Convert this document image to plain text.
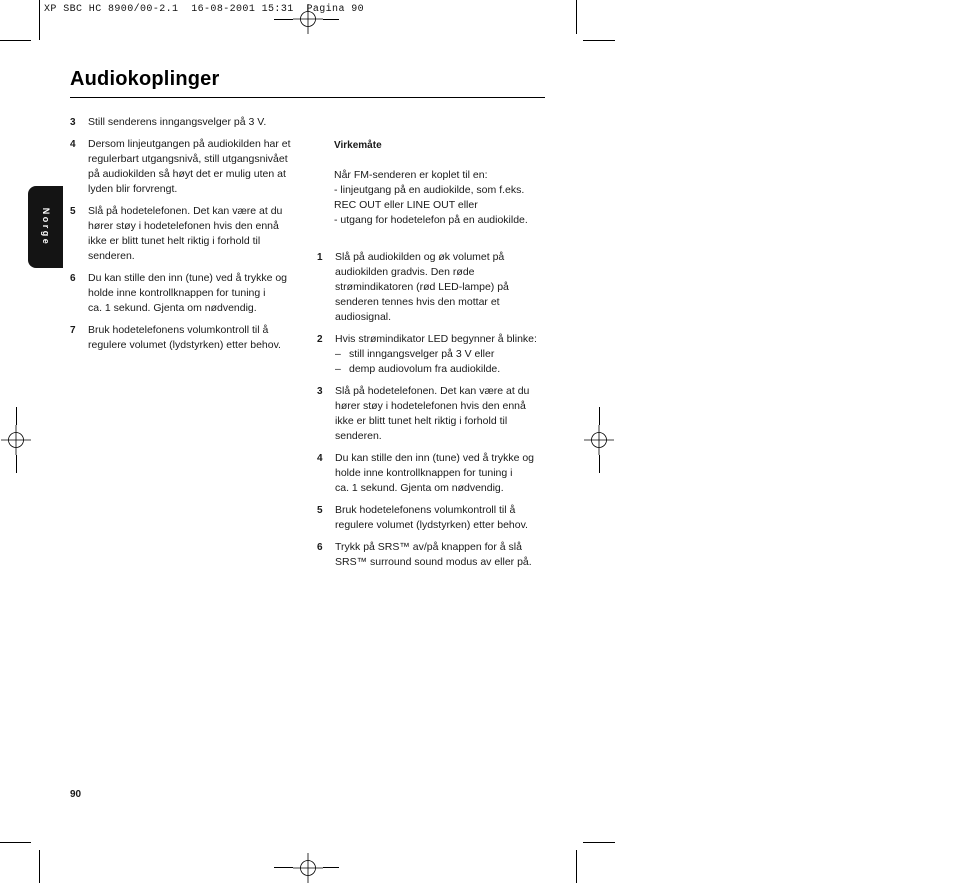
XP SBC HC 8900/00-2.1  16-08-2001 15:31  Pagina 90
Audiokoplinger
Norge
3	Still senderens inngangsvelger på 3 V.
4	Dersom linjeutgangen på audiokilden har et
regulerbart utgangsnivå, still utgangsnivået
på audiokilden så høyt det er mulig uten at
lyden blir forvrengt.
5	Slå på hodetelefonen. Det kan være at du
hører støy i hodetelefonen hvis den ennå
ikke er blitt tunet helt riktig i forhold til
senderen.
6	Du kan stille den inn (tune) ved å trykke og
holde inne kontrollknappen for tuning i
ca. 1 sekund. Gjenta om nødvendig.
7	Bruk hodetelefonens volumkontroll til å
regulere volumet (lydstyrken) etter behov.

Virkemåte

Når FM-senderen er koplet til en:
- linjeutgang på en audiokilde, som f.eks.
REC OUT eller LINE OUT eller
- utgang for hodetelefon på en audiokilde.

1	Slå på audiokilden og øk volumet på
audiokilden gradvis. Den røde
strømindikatoren (rød LED-lampe) på
senderen tennes hvis den mottar et
audiosignal.
2	Hvis strømindikator LED begynner å blinke:
– still inngangsvelger på 3 V eller
– demp audiovolum fra audiokilde.
3	Slå på hodetelefonen. Det kan være at du
hører støy i hodetelefonen hvis den ennå
ikke er blitt tunet helt riktig i forhold til
senderen.
4	Du kan stille den inn (tune) ved å trykke og
holde inne kontrollknappen for tuning i
ca. 1 sekund. Gjenta om nødvendig.
5	Bruk hodetelefonens volumkontroll til å
regulere volumet (lydstyrken) etter behov.
6	Trykk på SRS™ av/på knappen for å slå
SRS™ surround sound modus av eller på.
90
